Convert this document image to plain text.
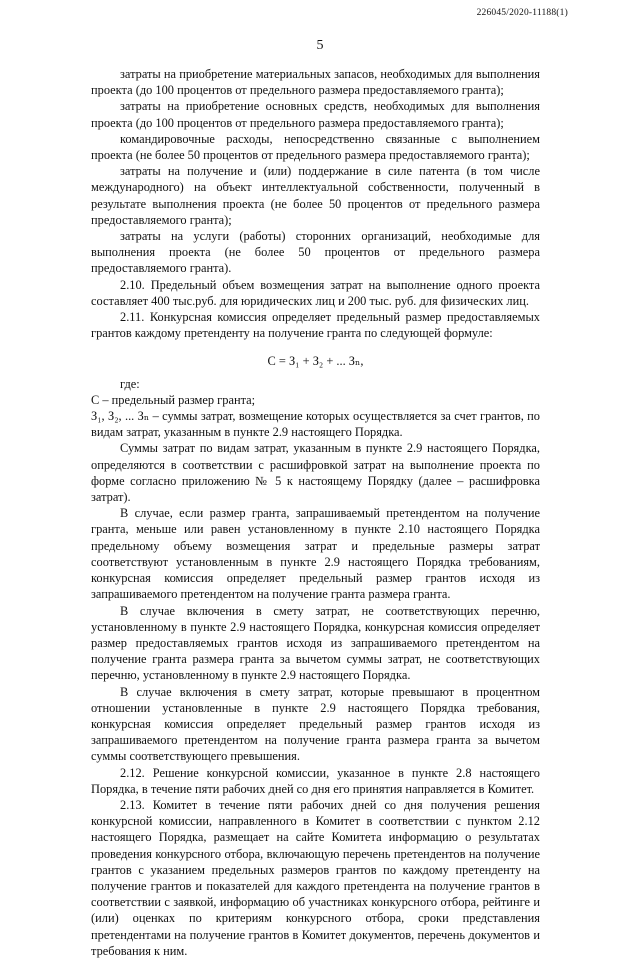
226045/2020-11188(1)
5

затраты на приобретение материальных запасов, необходимых для выполнения проекта (до 100 процентов от предельного размера предоставляемого гранта);

затраты на приобретение основных средств, необходимых для выполнения проекта (до 100 процентов от предельного размера предоставляемого гранта);

командировочные расходы, непосредственно связанные с выполнением проекта (не более 50 процентов от предельного размера предоставляемого гранта);

затраты на получение и (или) поддержание в силе патента (в том числе международного) на объект интеллектуальной собственности, полученный в результате выполнения проекта (не более 50 процентов от предельного размера предоставляемого гранта);

затраты на услуги (работы) сторонних организаций, необходимые для выполнения проекта (не более 50 процентов от предельного размера предоставляемого гранта).

2.10. Предельный объем возмещения затрат на выполнение одного проекта составляет 400 тыс.руб. для юридических лиц и 200 тыс. руб. для физических лиц.

2.11. Конкурсная комиссия определяет предельный размер предоставляемых грантов каждому претенденту на получение гранта по следующей формуле:

С = З₁ + З₂ + ... Зₙ,

где:

С – предельный размер гранта;

З₁, З₂, ... Зₙ – суммы затрат, возмещение которых осуществляется за счет грантов, по видам затрат, указанным в пункте 2.9 настоящего Порядка.

Суммы затрат по видам затрат, указанным в пункте 2.9 настоящего Порядка, определяются в соответствии с расшифровкой затрат на выполнение проекта по форме согласно приложению № 5 к настоящему Порядку (далее – расшифровка затрат).

В случае, если размер гранта, запрашиваемый претендентом на получение гранта, меньше или равен установленному в пункте 2.10 настоящего Порядка предельному объему возмещения затрат и предельные размеры затрат соответствуют установленным в пункте 2.9 настоящего Порядка требованиям, конкурсная комиссия определяет предельный размер грантов исходя из запрашиваемого претендентом на получение гранта размера гранта.

В случае включения в смету затрат, не соответствующих перечню, установленному в пункте 2.9 настоящего Порядка, конкурсная комиссия определяет размер предоставляемых грантов исходя из запрашиваемого претендентом на получение гранта размера гранта за вычетом суммы затрат, не соответствующих перечню, установленному в пункте 2.9 настоящего Порядка.

В случае включения в смету затрат, которые превышают в процентном отношении установленные в пункте 2.9 настоящего Порядка требования, конкурсная комиссия определяет предельный размер грантов исходя из запрашиваемого претендентом на получение гранта размера гранта за вычетом суммы соответствующего превышения.

2.12. Решение конкурсной комиссии, указанное в пункте 2.8 настоящего Порядка, в течение пяти рабочих дней со дня его принятия направляется в Комитет.

2.13. Комитет в течение пяти рабочих дней со дня получения решения конкурсной комиссии, направленного в Комитет в соответствии с пунктом 2.12 настоящего Порядка, размещает на сайте Комитета информацию о результатах проведения конкурсного отбора, включающую перечень претендентов на получение грантов с указанием предельных размеров грантов по каждому претенденту на получение грантов и показателей для каждого претендента на получение грантов в соответствии с заявкой, информацию об участниках конкурсного отбора, рейтинге и (или) оценках по критериям конкурсного отбора, сроки представления претендентами на получение грантов в Комитет документов, перечень документов и требования к ним.
